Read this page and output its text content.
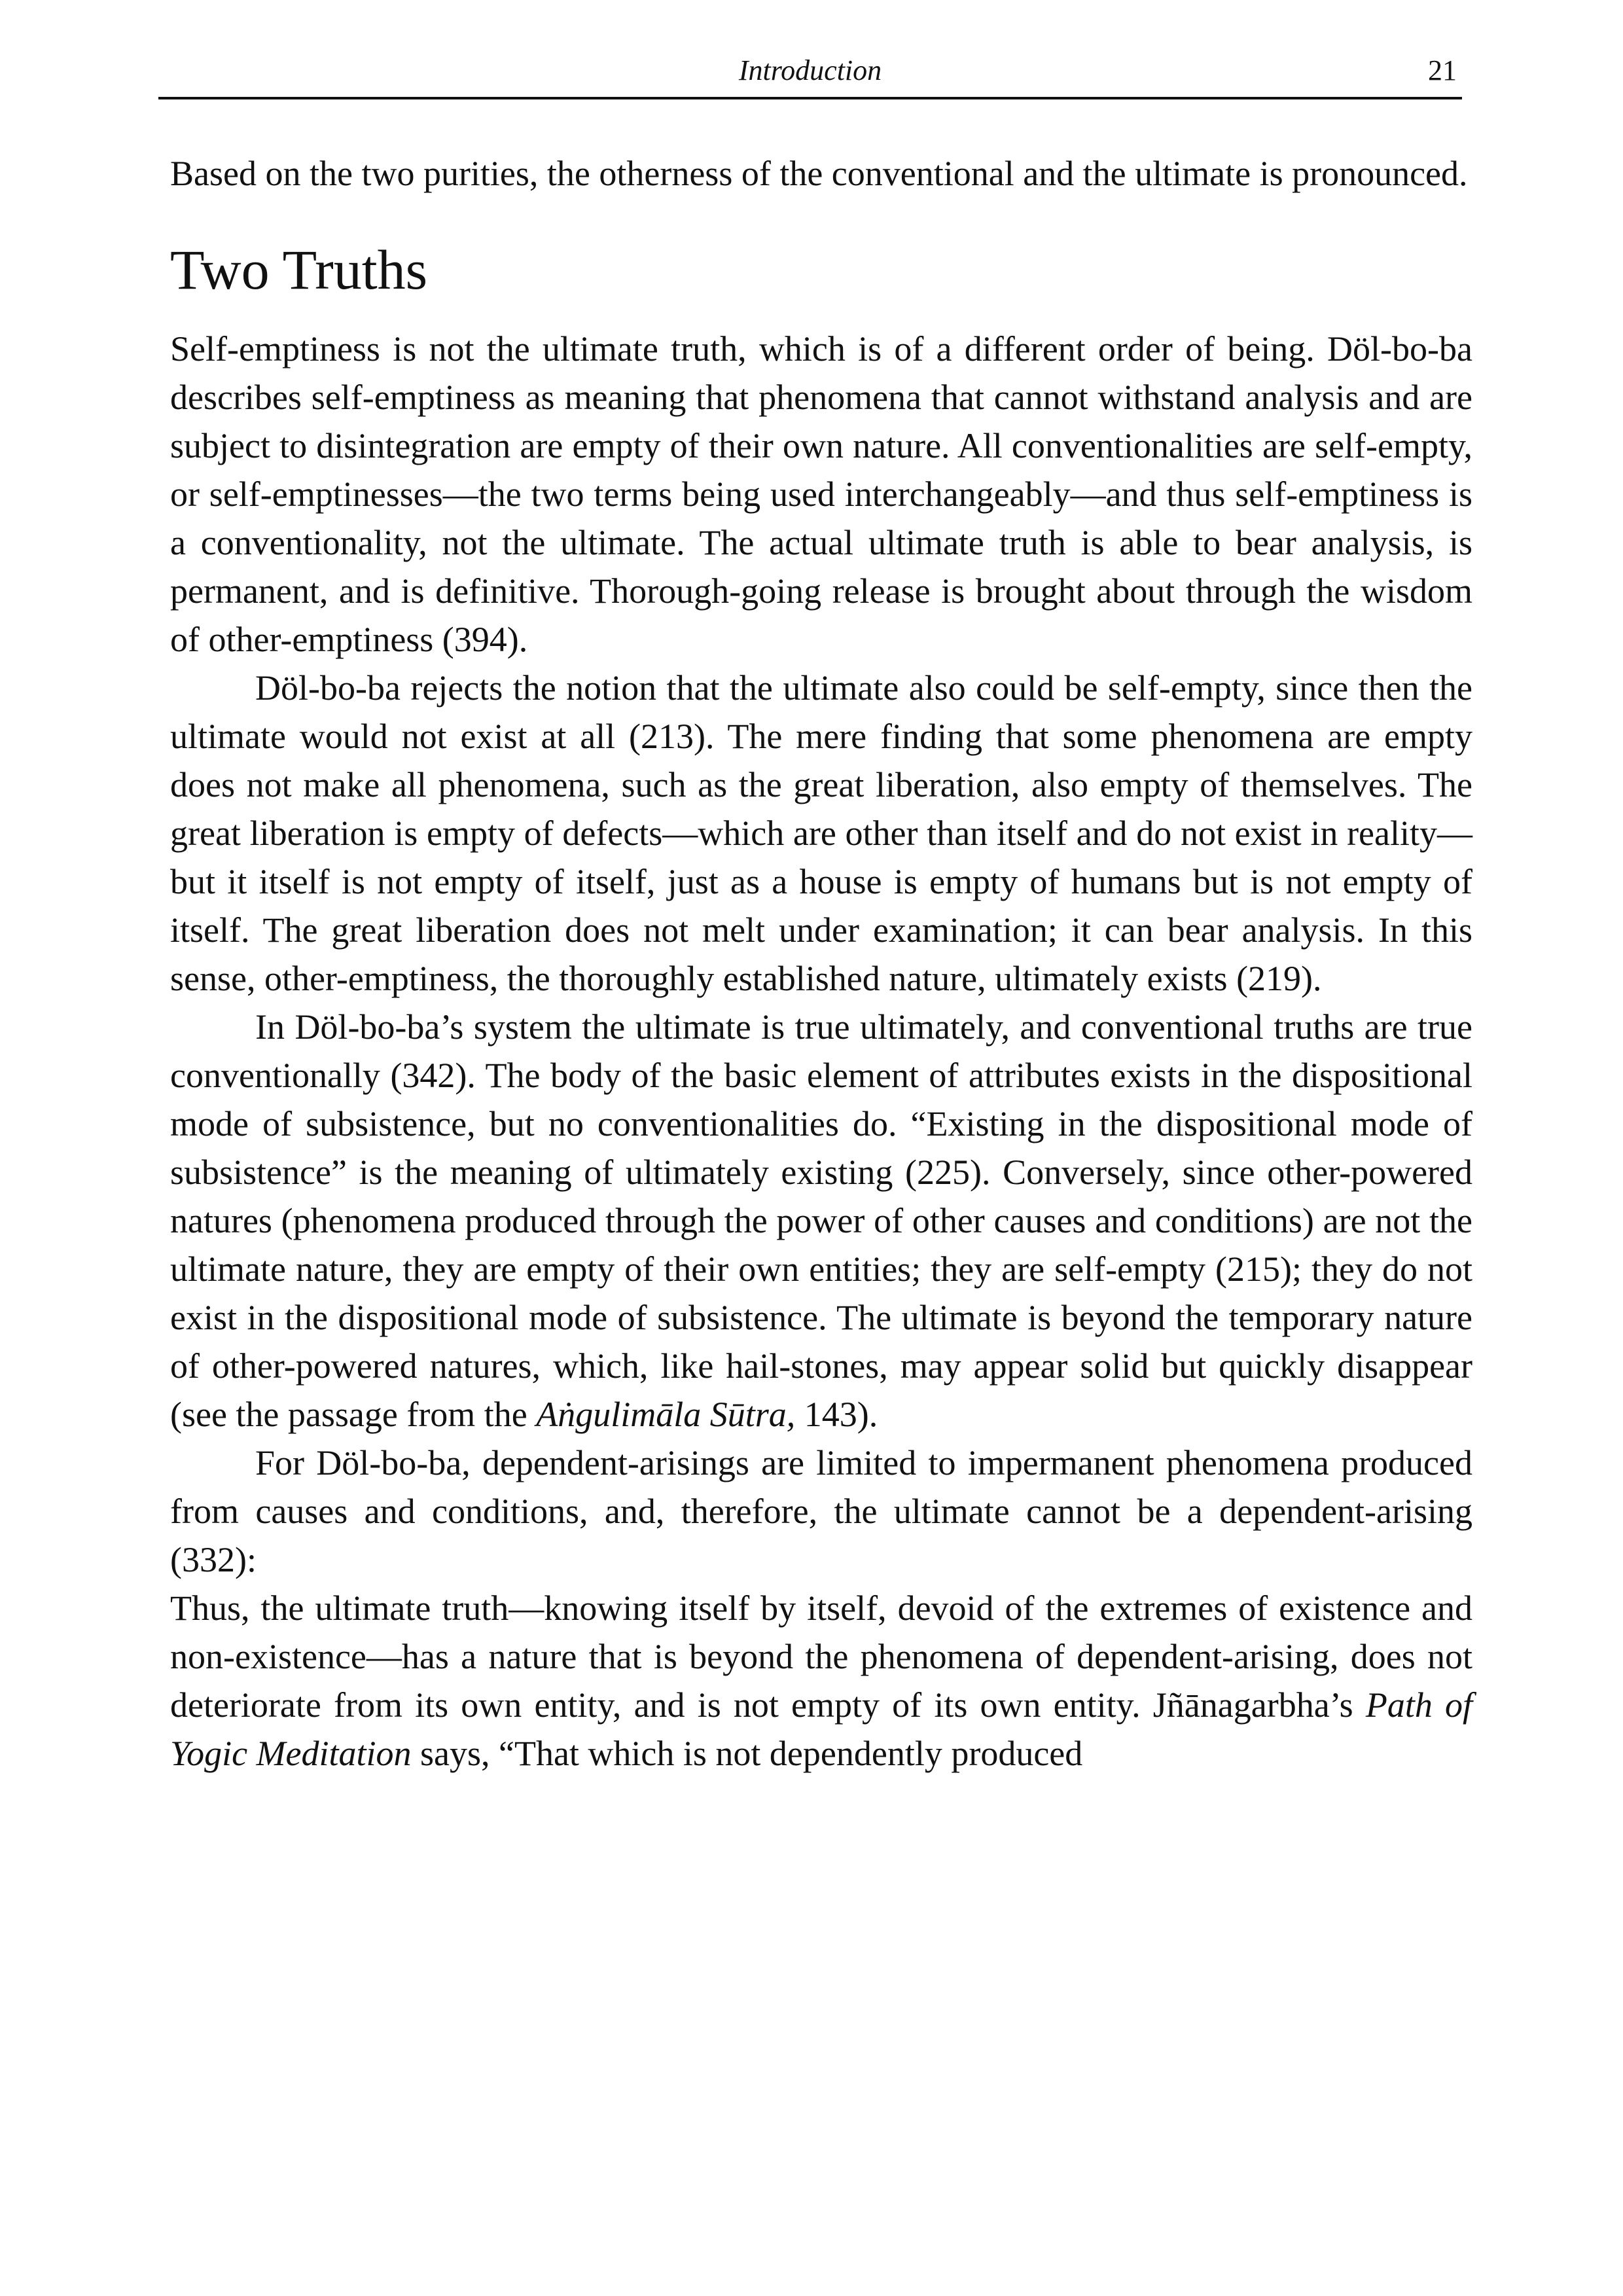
Introduction	21

Based on the two purities, the otherness of the conventional and the ultimate is pronounced.

Two Truths

Self-emptiness is not the ultimate truth, which is of a different order of being. Döl-bo-ba describes self-emptiness as meaning that phenomena that cannot withstand analysis and are subject to disintegration are empty of their own nature. All conventionalities are self-empty, or self-emptinesses—the two terms being used interchangeably—and thus self-emptiness is a conventionality, not the ultimate. The actual ultimate truth is able to bear analysis, is permanent, and is definitive. Thorough-going release is brought about through the wisdom of other-emptiness (394).

Döl-bo-ba rejects the notion that the ultimate also could be self-empty, since then the ultimate would not exist at all (213). The mere finding that some phenomena are empty does not make all phenomena, such as the great liberation, also empty of themselves. The great liberation is empty of defects—which are other than itself and do not exist in reality—but it itself is not empty of itself, just as a house is empty of humans but is not empty of itself. The great liberation does not melt under examination; it can bear analysis. In this sense, other-emptiness, the thoroughly established nature, ultimately exists (219).

In Döl-bo-ba’s system the ultimate is true ultimately, and conventional truths are true conventionally (342). The body of the basic element of attributes exists in the dispositional mode of subsistence, but no conventionalities do. “Existing in the dispositional mode of subsistence” is the meaning of ultimately existing (225). Conversely, since other-powered natures (phenomena produced through the power of other causes and conditions) are not the ultimate nature, they are empty of their own entities; they are self-empty (215); they do not exist in the dispositional mode of subsistence. The ultimate is beyond the temporary nature of other-powered natures, which, like hail-stones, may appear solid but quickly disappear (see the passage from the Aṅgulimāla Sūtra, 143).

For Döl-bo-ba, dependent-arisings are limited to impermanent phenomena produced from causes and conditions, and, therefore, the ultimate cannot be a dependent-arising (332):

Thus, the ultimate truth—knowing itself by itself, devoid of the extremes of existence and non-existence—has a nature that is beyond the phenomena of dependent-arising, does not deteriorate from its own entity, and is not empty of its own entity. Jñānagarbha’s Path of Yogic Meditation says, “That which is not dependently produced
